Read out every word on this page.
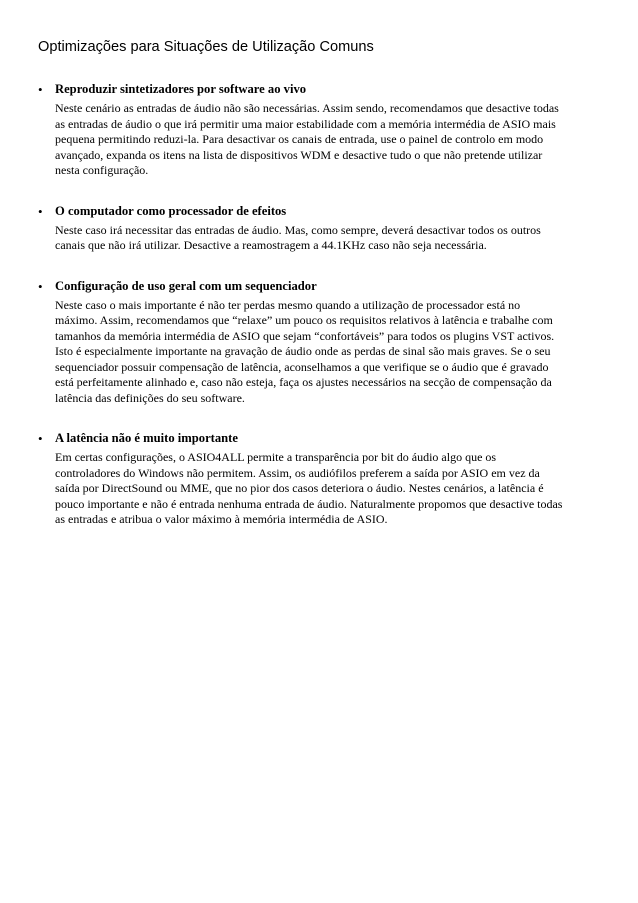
Optimizações para Situações de Utilização Comuns
• Reproduzir sintetizadores por software ao vivo
Neste cenário as entradas de áudio não são necessárias. Assim sendo, recomendamos que desactive todas
as entradas de áudio o que irá permitir uma maior estabilidade com a memória intermédia de ASIO mais
pequena permitindo reduzi-la. Para desactivar os canais de entrada, use o painel de controlo em modo
avançado, expanda os itens na lista de dispositivos WDM e desactive tudo o que não pretende utilizar
nesta configuração.
• O computador como processador de efeitos
Neste caso irá necessitar das entradas de áudio. Mas, como sempre, deverá desactivar todos os outros
canais que não irá utilizar. Desactive a reamostragem a 44.1KHz caso não seja necessária.
• Configuração de uso geral com um sequenciador
Neste caso o mais importante é não ter perdas mesmo quando a utilização de processador está no
máximo. Assim, recomendamos que “relaxe” um pouco os requisitos relativos à latência e trabalhe com
tamanhos da memória intermédia de ASIO que sejam “confortáveis” para todos os plugins VST activos.
Isto é especialmente importante na gravação de áudio onde as perdas de sinal são mais graves. Se o seu
sequenciador possuir compensação de latência, aconselhamos a que verifique se o áudio que é gravado
está perfeitamente alinhado e, caso não esteja, faça os ajustes necessários na secção de compensação da
latência das definições do seu software.
• A latência não é muito importante
Em certas configurações, o ASIO4ALL permite a transparência por bit do áudio algo que os
controladores do Windows não permitem. Assim, os audiófilos preferem a saída por ASIO em vez da
saída por DirectSound ou MME, que no pior dos casos deteriora o áudio. Nestes cenários, a latência é
pouco importante e não é entrada nenhuma entrada de áudio. Naturalmente propomos que desactive todas
as entradas e atribua o valor máximo à memória intermédia de ASIO.
